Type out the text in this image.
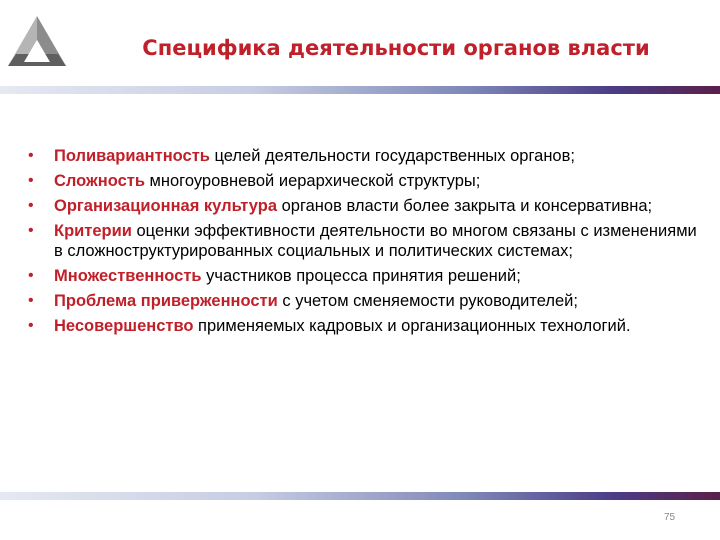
Специфика деятельности органов власти
• Поливариантность целей деятельности государственных органов;
• Сложность многоуровневой иерархической структуры;
• Организационная культура органов власти более закрыта и консервативна;
• Критерии оценки эффективности деятельности во многом связаны с изменениями в сложноструктурированных социальных и политических системах;
• Множественность участников процесса принятия решений;
• Проблема приверженности с учетом сменяемости руководителей;
• Несовершенство применяемых кадровых и организационных технологий.
75
